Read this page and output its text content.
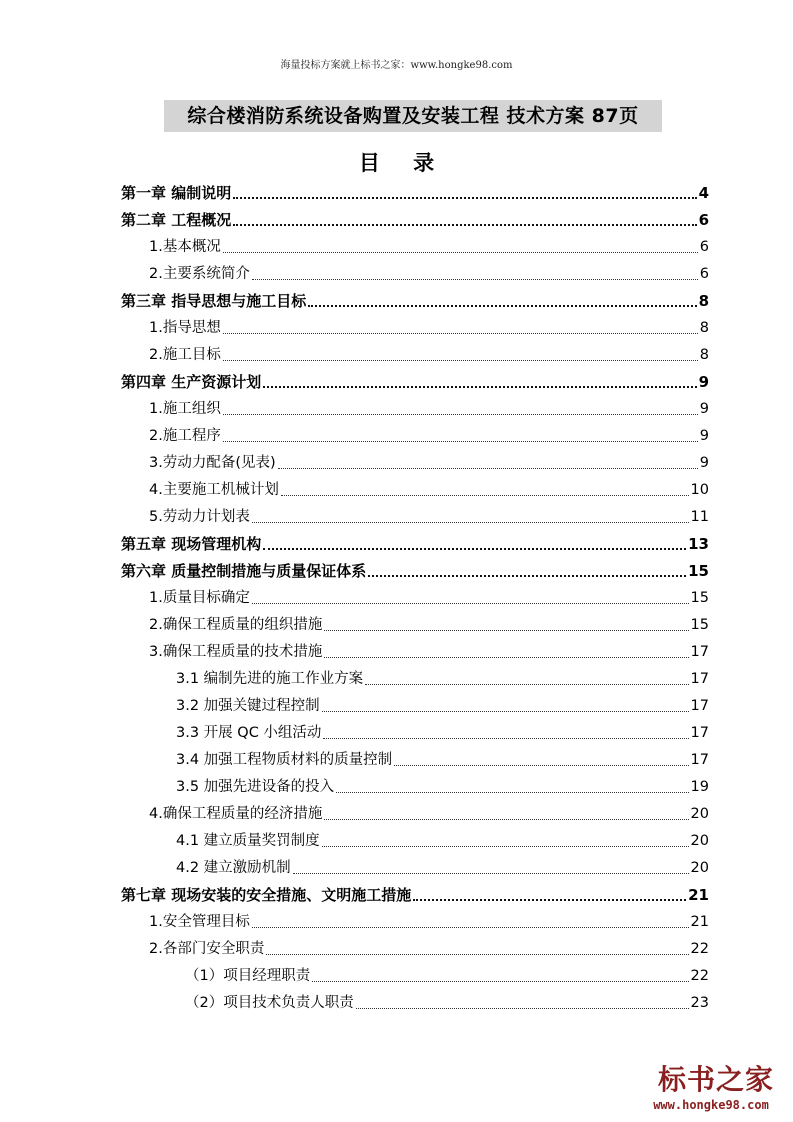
海量投标方案就上标书之家：www.hongke98.com
综合楼消防系统设备购置及安装工程 技术方案 87页
目 录
第一章 编制说明	4
第二章 工程概况	6
1.基本概况	6
2.主要系统简介	6
第三章 指导思想与施工目标	8
1.指导思想	8
2.施工目标	8
第四章 生产资源计划	9
1.施工组织	9
2.施工程序	9
3.劳动力配备(见表)	9
4.主要施工机械计划	10
5.劳动力计划表	11
第五章 现场管理机构	13
第六章 质量控制措施与质量保证体系	15
1.质量目标确定	15
2.确保工程质量的组织措施	15
3.确保工程质量的技术措施	17
3.1 编制先进的施工作业方案	17
3.2 加强关键过程控制	17
3.3 开展 QC 小组活动	17
3.4 加强工程物质材料的质量控制	17
3.5 加强先进设备的投入	19
4.确保工程质量的经济措施	20
4.1 建立质量奖罚制度	20
4.2 建立激励机制	20
第七章 现场安装的安全措施、文明施工措施	21
1.安全管理目标	21
2.各部门安全职责	22
（1）项目经理职责	22
（2）项目技术负责人职责	23
标书之家
www.hongke98.com
